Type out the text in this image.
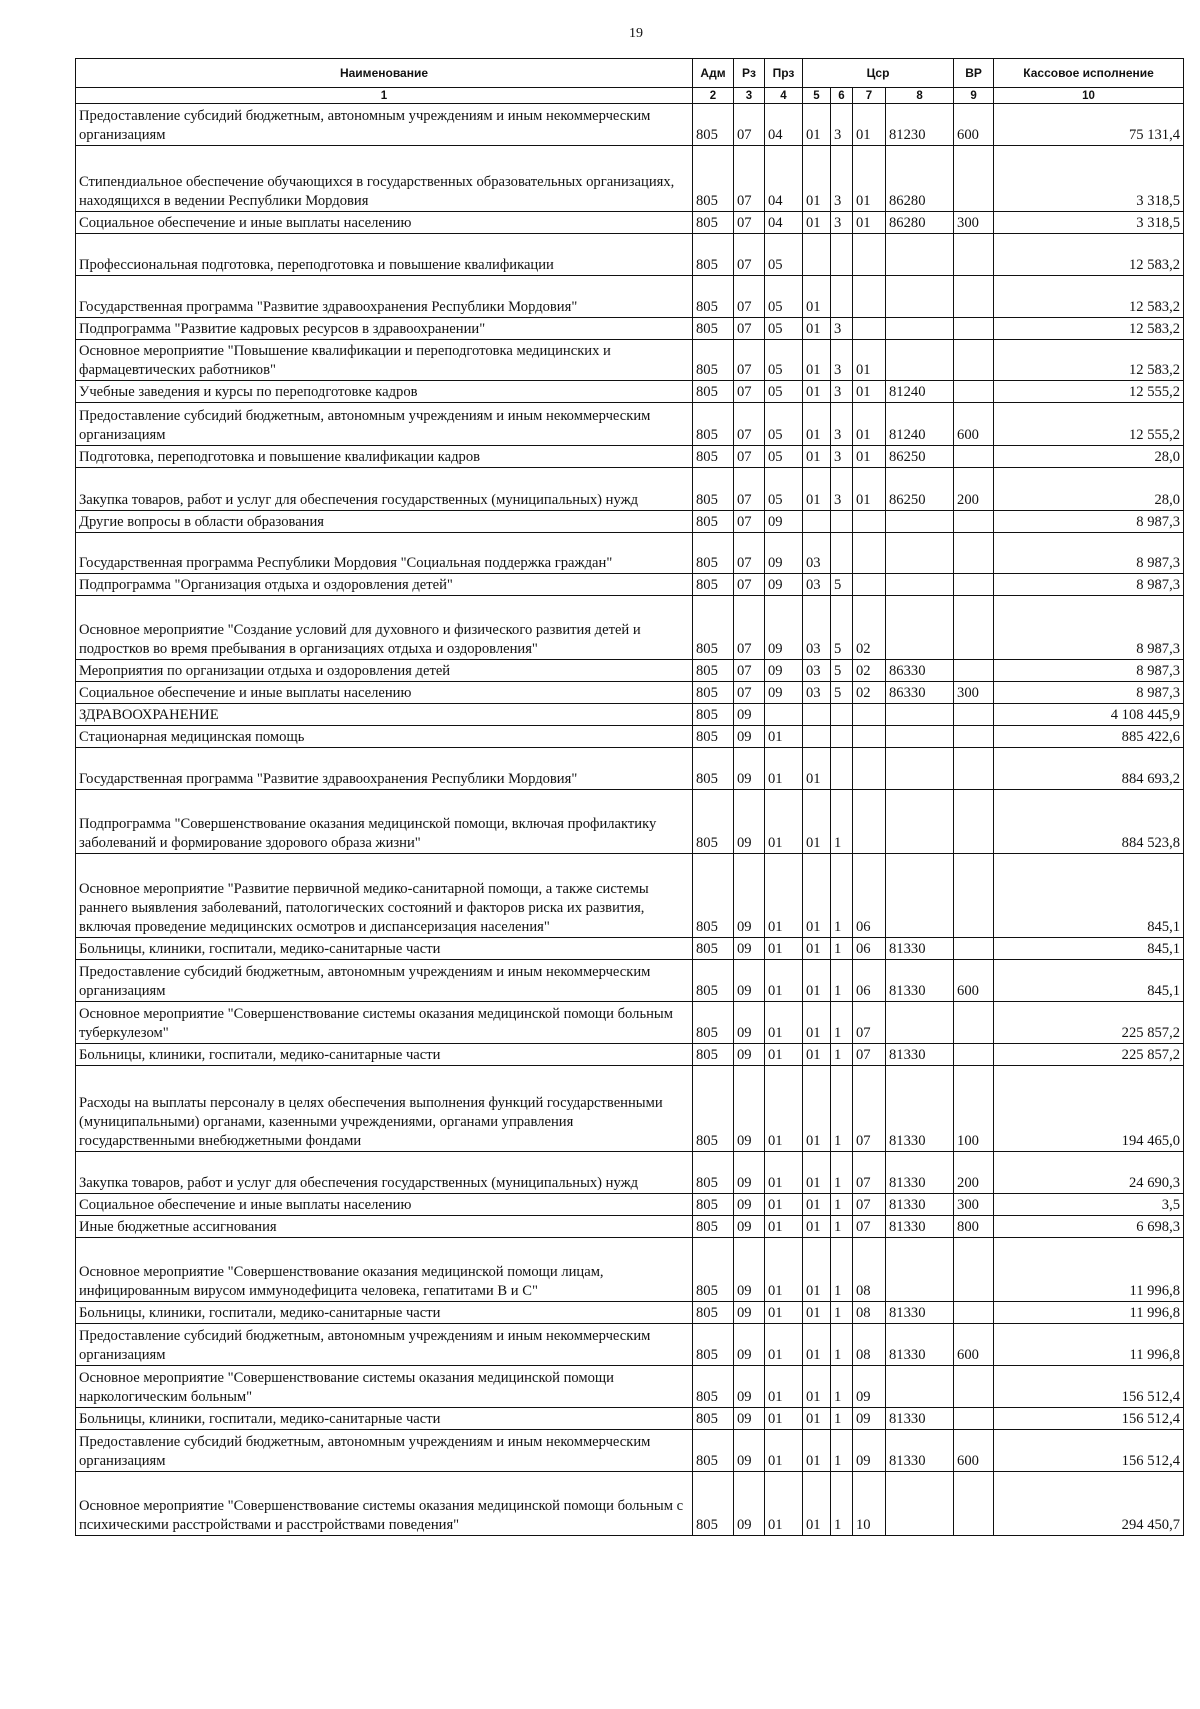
19
Наименование	Адм	Рз	Прз	Цср				ВР	Кассовое исполнение
1	2	3	4	5	6	7	8	9	10
Предоставление субсидий бюджетным, автономным учреждениям и иным некоммерческим организациям	805	07	04	01	3	01	81230	600	75 131,4
Стипендиальное обеспечение обучающихся в государственных образовательных организациях, находящихся в ведении Республики Мордовия	805	07	04	01	3	01	86280		3 318,5
Социальное обеспечение и иные выплаты населению	805	07	04	01	3	01	86280	300	3 318,5
Профессиональная подготовка, переподготовка и повышение квалификации	805	07	05						12 583,2
Государственная программа "Развитие здравоохранения Республики Мордовия"	805	07	05	01					12 583,2
Подпрограмма "Развитие кадровых ресурсов в здравоохранении"	805	07	05	01	3				12 583,2
Основное мероприятие "Повышение квалификации и переподготовка медицинских и фармацевтических работников"	805	07	05	01	3	01			12 583,2
Учебные заведения и курсы по переподготовке кадров	805	07	05	01	3	01	81240		12 555,2
Предоставление субсидий бюджетным, автономным учреждениям и иным некоммерческим организациям	805	07	05	01	3	01	81240	600	12 555,2
Подготовка, переподготовка и повышение квалификации кадров	805	07	05	01	3	01	86250		28,0
Закупка товаров, работ и услуг для обеспечения государственных (муниципальных) нужд	805	07	05	01	3	01	86250	200	28,0
Другие вопросы в области образования	805	07	09						8 987,3
Государственная программа Республики Мордовия "Социальная поддержка граждан"	805	07	09	03					8 987,3
Подпрограмма "Организация отдыха и оздоровления детей"	805	07	09	03	5				8 987,3
Основное мероприятие "Создание условий для духовного и физического развития детей и подростков во время пребывания в организациях отдыха и оздоровления"	805	07	09	03	5	02			8 987,3
Мероприятия по организации отдыха и оздоровления детей	805	07	09	03	5	02	86330		8 987,3
Социальное обеспечение и иные выплаты населению	805	07	09	03	5	02	86330	300	8 987,3
ЗДРАВООХРАНЕНИЕ	805	09							4 108 445,9
Стационарная медицинская помощь	805	09	01						885 422,6
Государственная программа "Развитие здравоохранения Республики Мордовия"	805	09	01	01					884 693,2
Подпрограмма "Совершенствование оказания медицинской помощи, включая профилактику заболеваний и формирование здорового образа жизни"	805	09	01	01	1				884 523,8
Основное мероприятие "Развитие первичной медико-санитарной помощи, а также системы раннего выявления заболеваний, патологических состояний и факторов риска их развития, включая проведение медицинских осмотров и диспансеризация населения"	805	09	01	01	1	06			845,1
Больницы, клиники, госпитали, медико-санитарные части	805	09	01	01	1	06	81330		845,1
Предоставление субсидий бюджетным, автономным учреждениям и иным некоммерческим организациям	805	09	01	01	1	06	81330	600	845,1
Основное мероприятие "Совершенствование системы оказания медицинской помощи больным туберкулезом"	805	09	01	01	1	07			225 857,2
Больницы, клиники, госпитали, медико-санитарные части	805	09	01	01	1	07	81330		225 857,2
Расходы на выплаты персоналу в целях обеспечения выполнения функций государственными (муниципальными) органами, казенными учреждениями, органами управления государственными внебюджетными фондами	805	09	01	01	1	07	81330	100	194 465,0
Закупка товаров, работ и услуг для обеспечения государственных (муниципальных) нужд	805	09	01	01	1	07	81330	200	24 690,3
Социальное обеспечение и иные выплаты населению	805	09	01	01	1	07	81330	300	3,5
Иные бюджетные ассигнования	805	09	01	01	1	07	81330	800	6 698,3
Основное мероприятие "Совершенствование оказания медицинской помощи лицам, инфицированным вирусом иммунодефицита человека, гепатитами В и С"	805	09	01	01	1	08			11 996,8
Больницы, клиники, госпитали, медико-санитарные части	805	09	01	01	1	08	81330		11 996,8
Предоставление субсидий бюджетным, автономным учреждениям и иным некоммерческим организациям	805	09	01	01	1	08	81330	600	11 996,8
Основное мероприятие "Совершенствование системы оказания медицинской помощи наркологическим больным"	805	09	01	01	1	09			156 512,4
Больницы, клиники, госпитали, медико-санитарные части	805	09	01	01	1	09	81330		156 512,4
Предоставление субсидий бюджетным, автономным учреждениям и иным некоммерческим организациям	805	09	01	01	1	09	81330	600	156 512,4
Основное мероприятие "Совершенствование системы оказания медицинской помощи больным с психическими расстройствами и расстройствами поведения"	805	09	01	01	1	10			294 450,7
